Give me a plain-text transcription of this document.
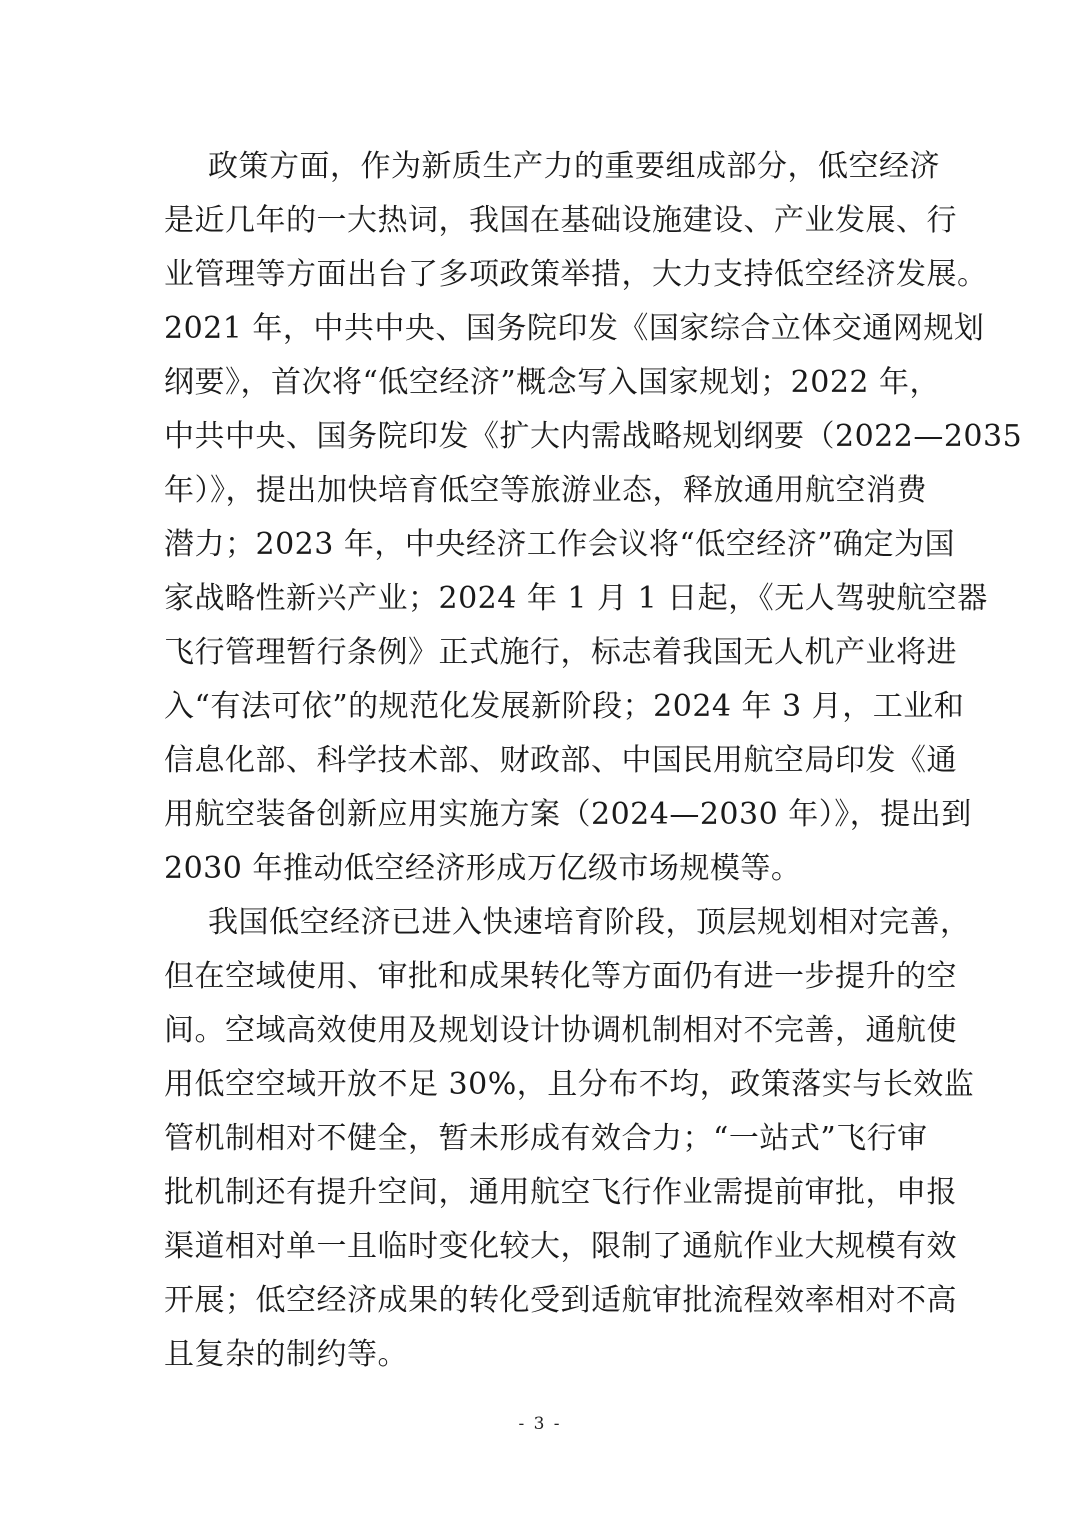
政策方面，作为新质生产力的重要组成部分，低空经济
是近几年的一大热词，我国在基础设施建设、产业发展、行
业管理等方面出台了多项政策举措，大力支持低空经济发展。
2021 年，中共中央、国务院印发《国家综合立体交通网规划
纲要》，首次将“低空经济”概念写入国家规划；2022 年，
中共中央、国务院印发《扩大内需战略规划纲要（2022—2035
年）》，提出加快培育低空等旅游业态，释放通用航空消费
潜力；2023 年，中央经济工作会议将“低空经济”确定为国
家战略性新兴产业；2024 年 1 月 1 日起，《无人驾驶航空器
飞行管理暂行条例》正式施行，标志着我国无人机产业将进
入“有法可依”的规范化发展新阶段；2024 年 3 月，工业和
信息化部、科学技术部、财政部、中国民用航空局印发《通
用航空装备创新应用实施方案（2024—2030 年）》，提出到
2030 年推动低空经济形成万亿级市场规模等。
我国低空经济已进入快速培育阶段，顶层规划相对完善，
但在空域使用、审批和成果转化等方面仍有进一步提升的空
间。空域高效使用及规划设计协调机制相对不完善，通航使
用低空空域开放不足 30%，且分布不均，政策落实与长效监
管机制相对不健全，暂未形成有效合力；“一站式”飞行审
批机制还有提升空间，通用航空飞行作业需提前审批，申报
渠道相对单一且临时变化较大，限制了通航作业大规模有效
开展；低空经济成果的转化受到适航审批流程效率相对不高
且复杂的制约等。
- 3 -
